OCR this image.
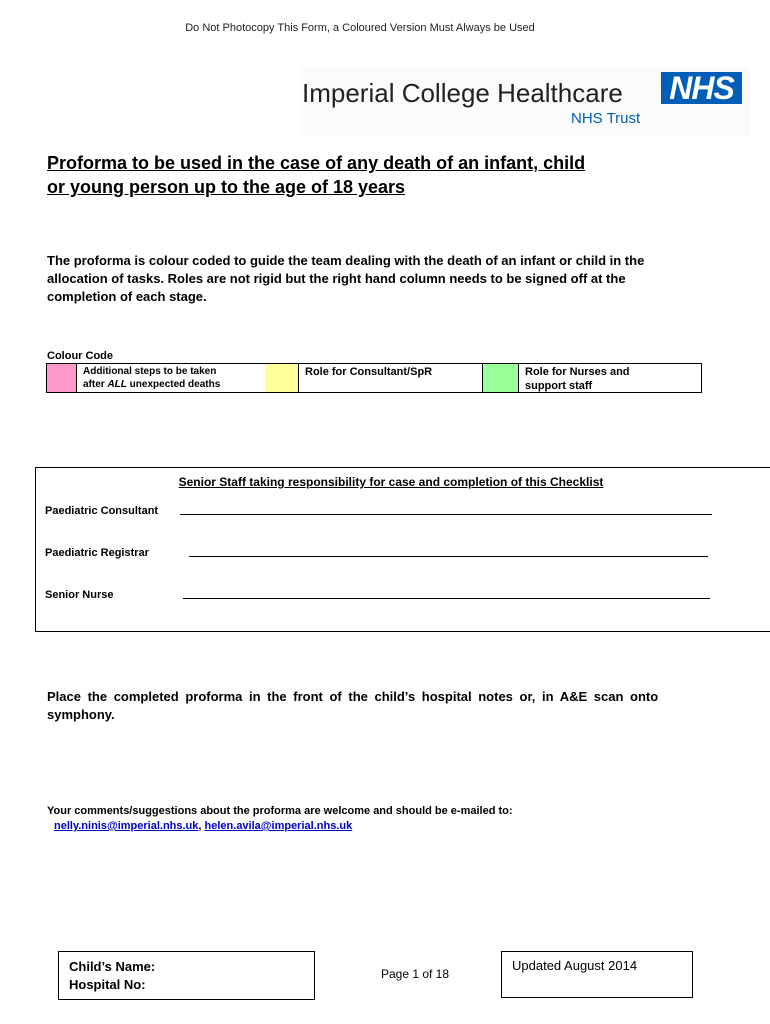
Do Not Photocopy This Form, a Coloured Version Must Always be Used
Imperial College Healthcare NHS
NHS Trust
Proforma to be used in the case of any death of an infant, child
or young person up to the age of 18 years
The proforma is colour coded to guide the team dealing with the death of an infant or child in the allocation of tasks. Roles are not rigid but the right hand column needs to be signed off at the completion of each stage.
Colour Code
Additional steps to be taken
after ALL unexpected deaths
Role for Consultant/SpR	Role for Nurses and
support staff
Senior Staff taking responsibility for case and completion of this Checklist
Paediatric Consultant
Paediatric Registrar
Senior Nurse
Place the completed proforma in the front of the child’s hospital notes or, in A&E scan onto symphony.
Your comments/suggestions about the proforma are welcome and should be e-mailed to:
nelly.ninis@imperial.nhs.uk, helen.avila@imperial.nhs.uk
Child’s Name:
Hospital No:
Page 1 of 18
Updated August 2014
